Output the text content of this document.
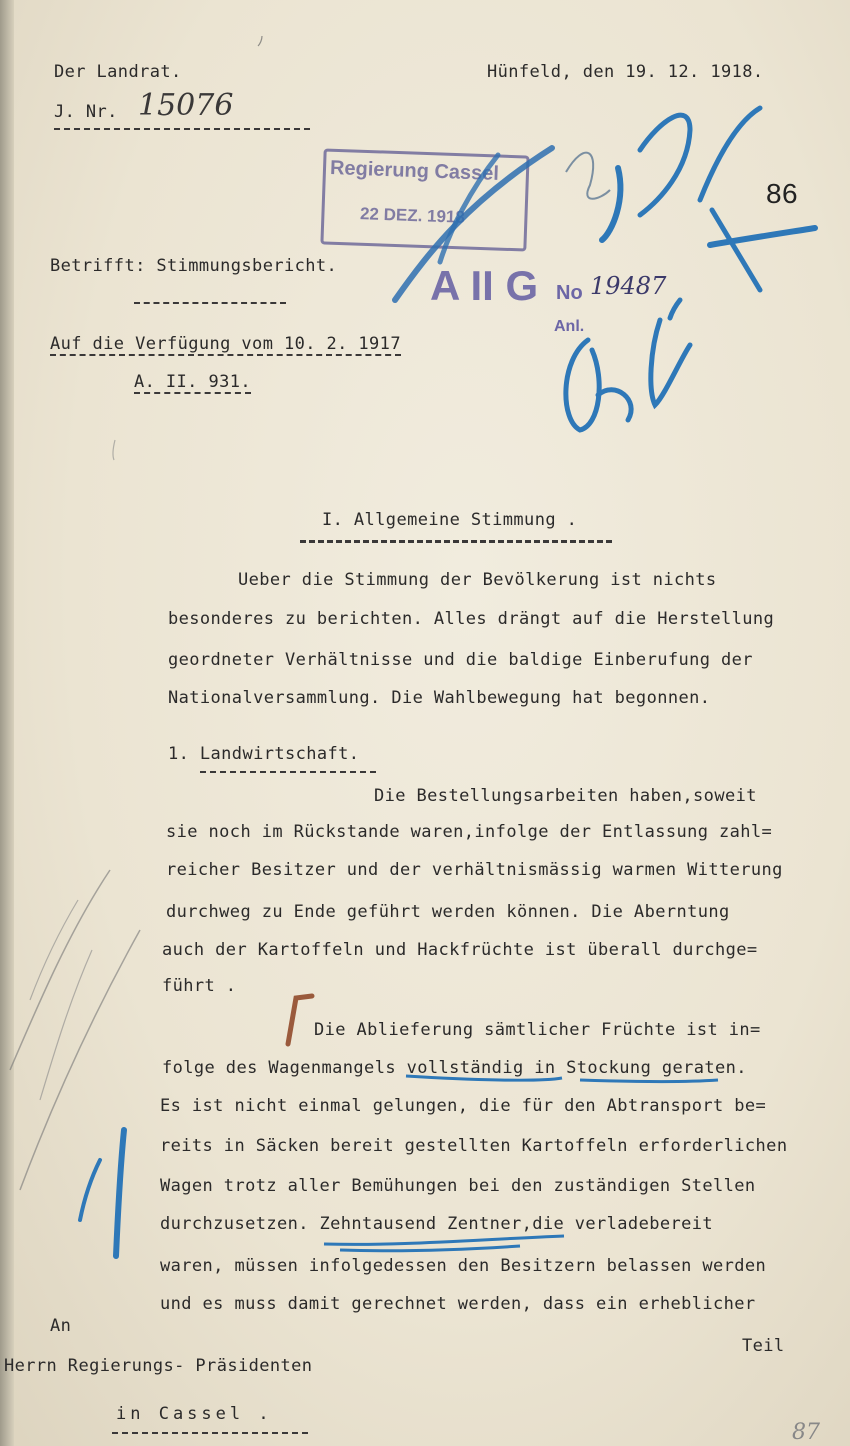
Der Landrat.
J. Nr. 15076
Hünfeld, den 19. 12. 1918.
86
Regierung Cassel
22 DEZ. 1918
A II G No 19487
Anl.
Betrifft: Stimmungsbericht.
Auf die Verfügung vom 10. 2. 1917
A. II. 931.
I. Allgemeine Stimmung .
Ueber die Stimmung der Bevölkerung ist nichts
besonderes zu berichten. Alles drängt auf die Herstellung
geordneter Verhältnisse und die baldige Einberufung der
Nationalversammlung. Die Wahlbewegung hat begonnen.
1. Landwirtschaft.
Die Bestellungsarbeiten haben,soweit
sie noch im Rückstande waren,infolge der Entlassung zahl=
reicher Besitzer und der verhältnismässig warmen Witterung
durchweg zu Ende geführt werden können. Die Aberntung
auch der Kartoffeln und Hackfrüchte ist überall durchge=
führt .
Die Ablieferung sämtlicher Früchte ist in=
folge des Wagenmangels vollständig in Stockung geraten.
Es ist nicht einmal gelungen, die für den Abtransport be=
reits in Säcken bereit gestellten Kartoffeln erforderlichen
Wagen trotz aller Bemühungen bei den zuständigen Stellen
durchzusetzen. Zehntausend Zentner,die verladebereit
waren, müssen infolgedessen den Besitzern belassen werden
und es muss damit gerechnet werden, dass ein erheblicher
Teil
An
Herrn Regierungs- Präsidenten
in Cassel .
87
